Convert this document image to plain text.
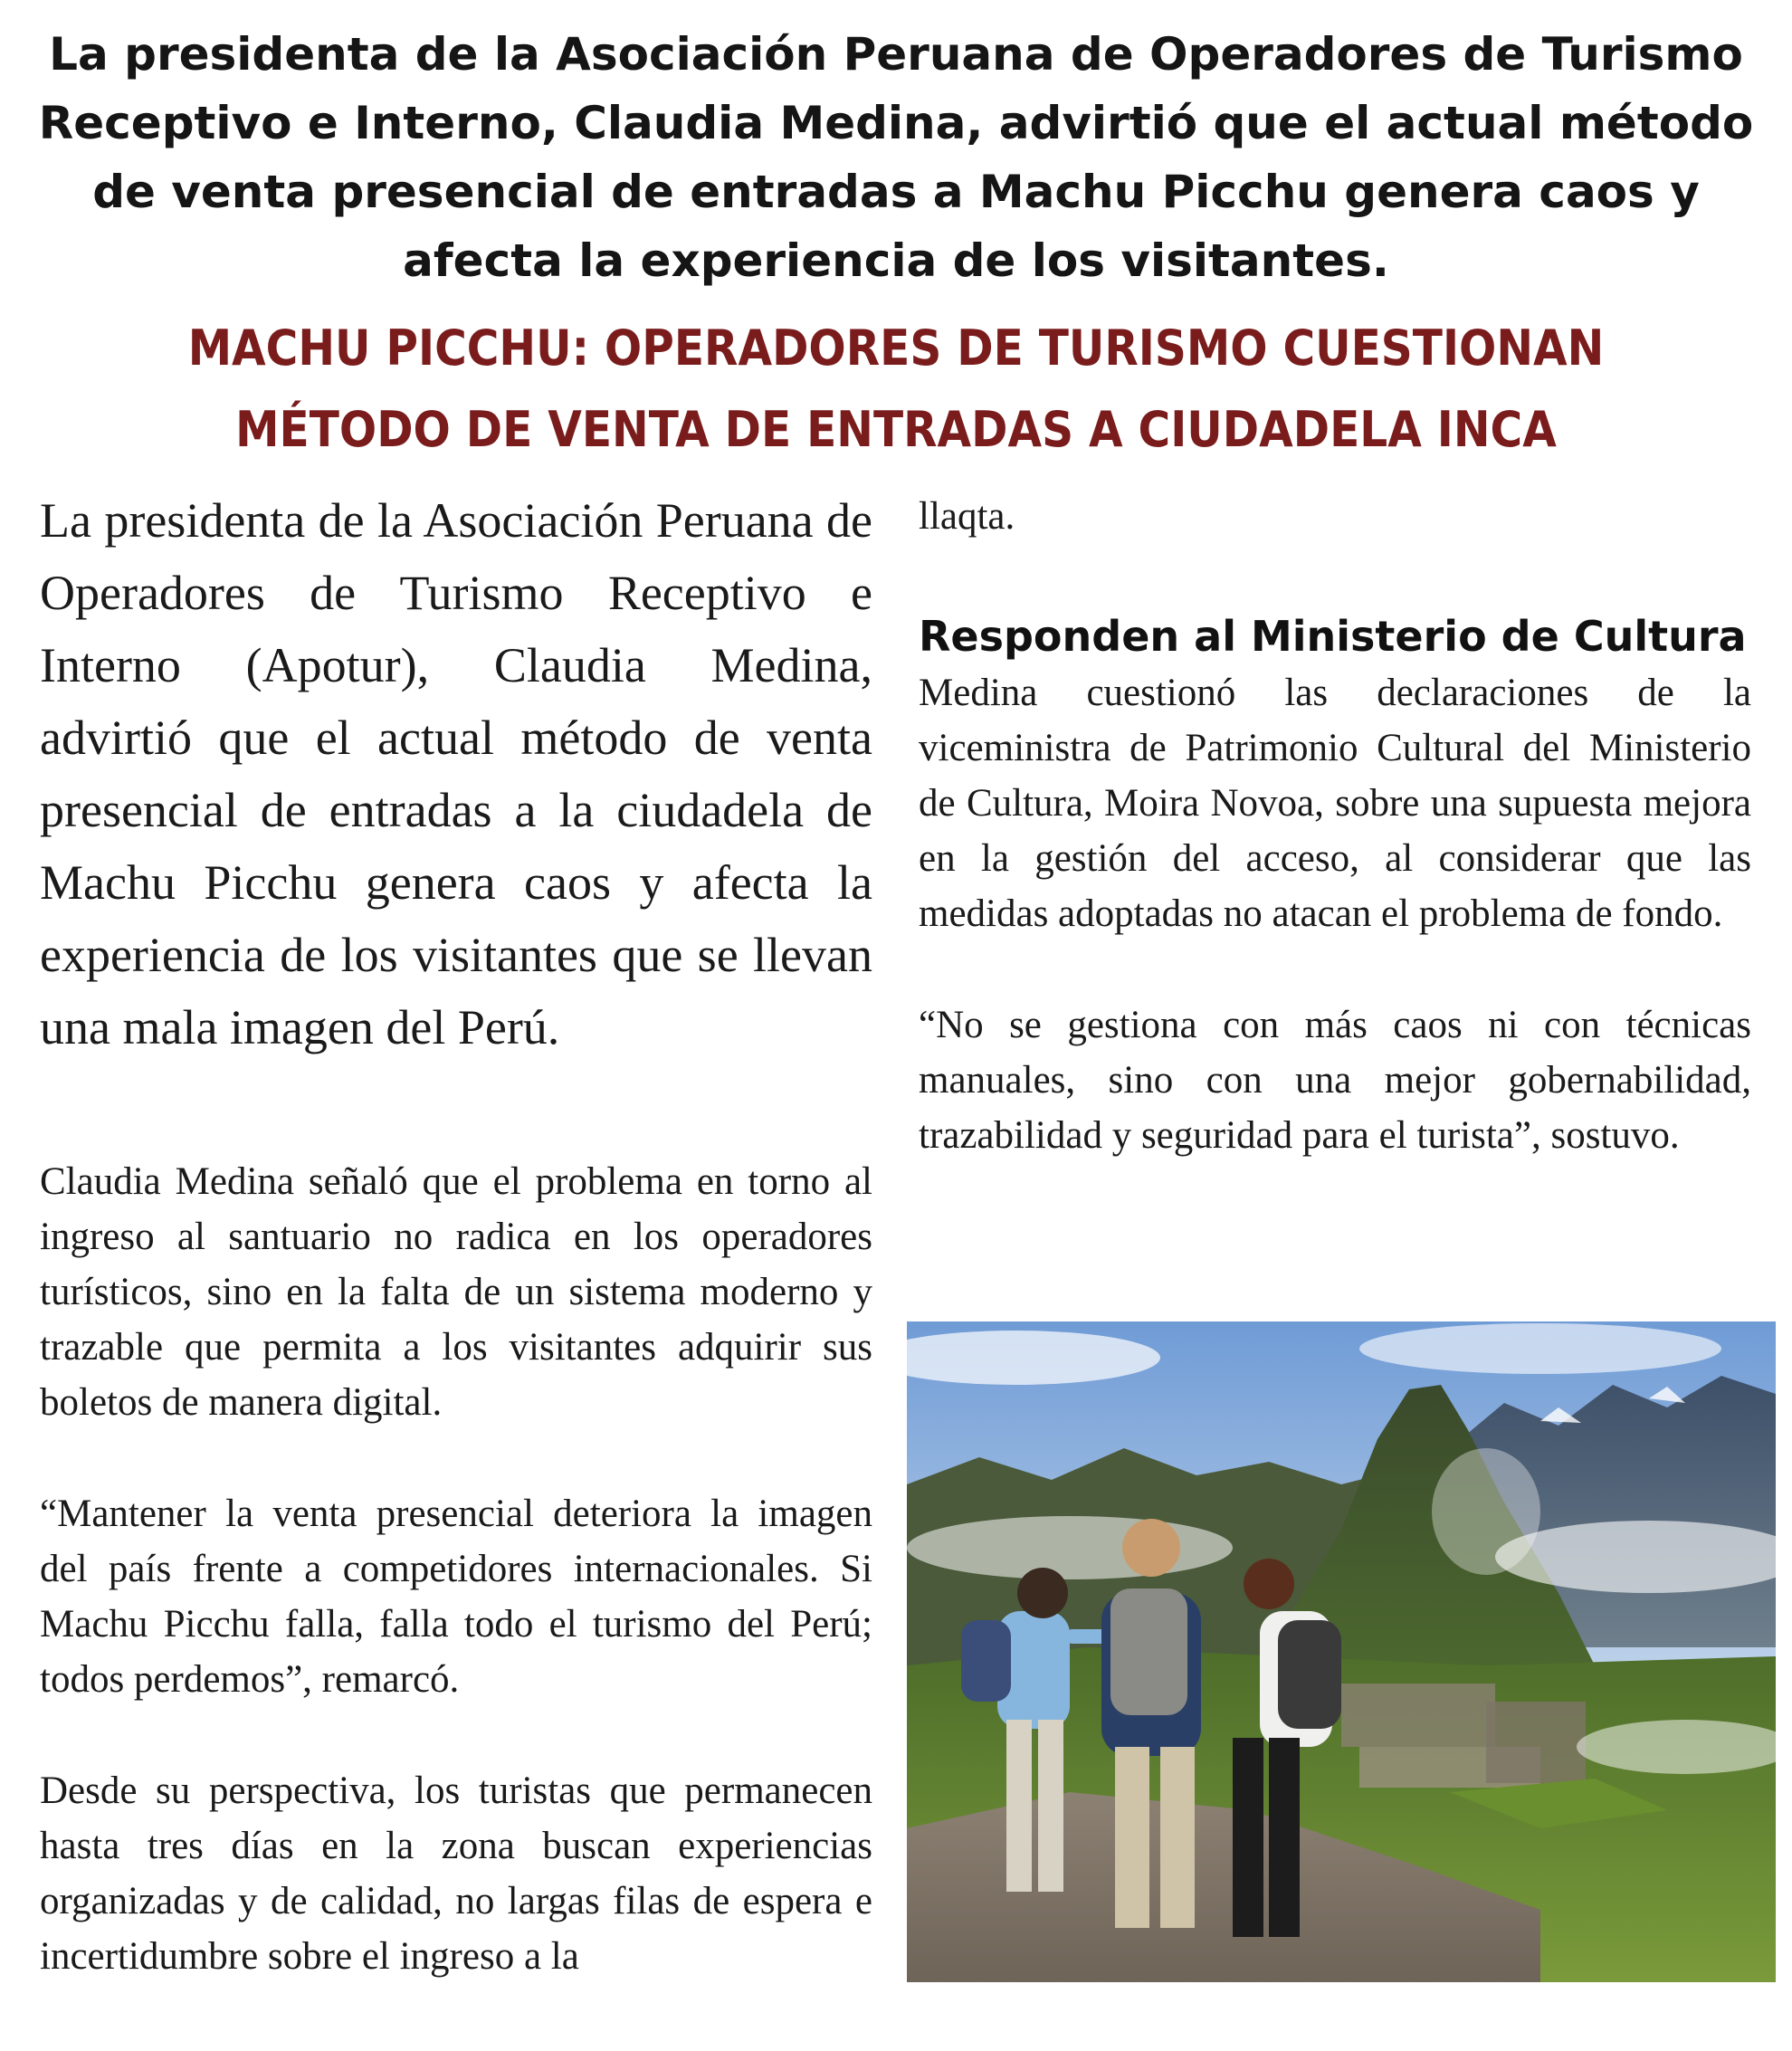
La presidenta de la Asociación Peruana de Operadores de Turismo Receptivo e Interno, Claudia Medina, advirtió que el actual método de venta presencial de entradas a Machu Picchu genera caos y afecta la experiencia de los visitantes.
MACHU PICCHU: OPERADORES DE TURISMO CUESTIONAN
MÉTODO DE VENTA DE ENTRADAS A CIUDADELA INCA

La presidenta de la Asociación Peruana de Operadores de Turismo Receptivo e Interno (Apotur), Claudia Medina, advirtió que el actual método de venta presencial de entradas a la ciudadela de Machu Picchu genera caos y afecta la experiencia de los visitantes que se llevan una mala imagen del Perú.

Claudia Medina señaló que el problema en torno al ingreso al santuario no radica en los operadores turísticos, sino en la falta de un sistema moderno y trazable que permita a los visitantes adquirir sus boletos de manera digital.

“Mantener la venta presencial deteriora la imagen del país frente a competidores internacionales. Si Machu Picchu falla, falla todo el turismo del Perú; todos perdemos”, remarcó.

Desde su perspectiva, los turistas que permanecen hasta tres días en la zona buscan experiencias organizadas y de calidad, no largas filas de espera e incertidumbre sobre el ingreso a la

llaqta.

Responden al Ministerio de Cultura

Medina cuestionó las declaraciones de la viceministra de Patrimonio Cultural del Ministerio de Cultura, Moira Novoa, sobre una supuesta mejora en la gestión del acceso, al considerar que las medidas adoptadas no atacan el problema de fondo.

“No se gestiona con más caos ni con técnicas manuales, sino con una mejor gobernabilidad, trazabilidad y seguridad para el turista”, sostuvo.
